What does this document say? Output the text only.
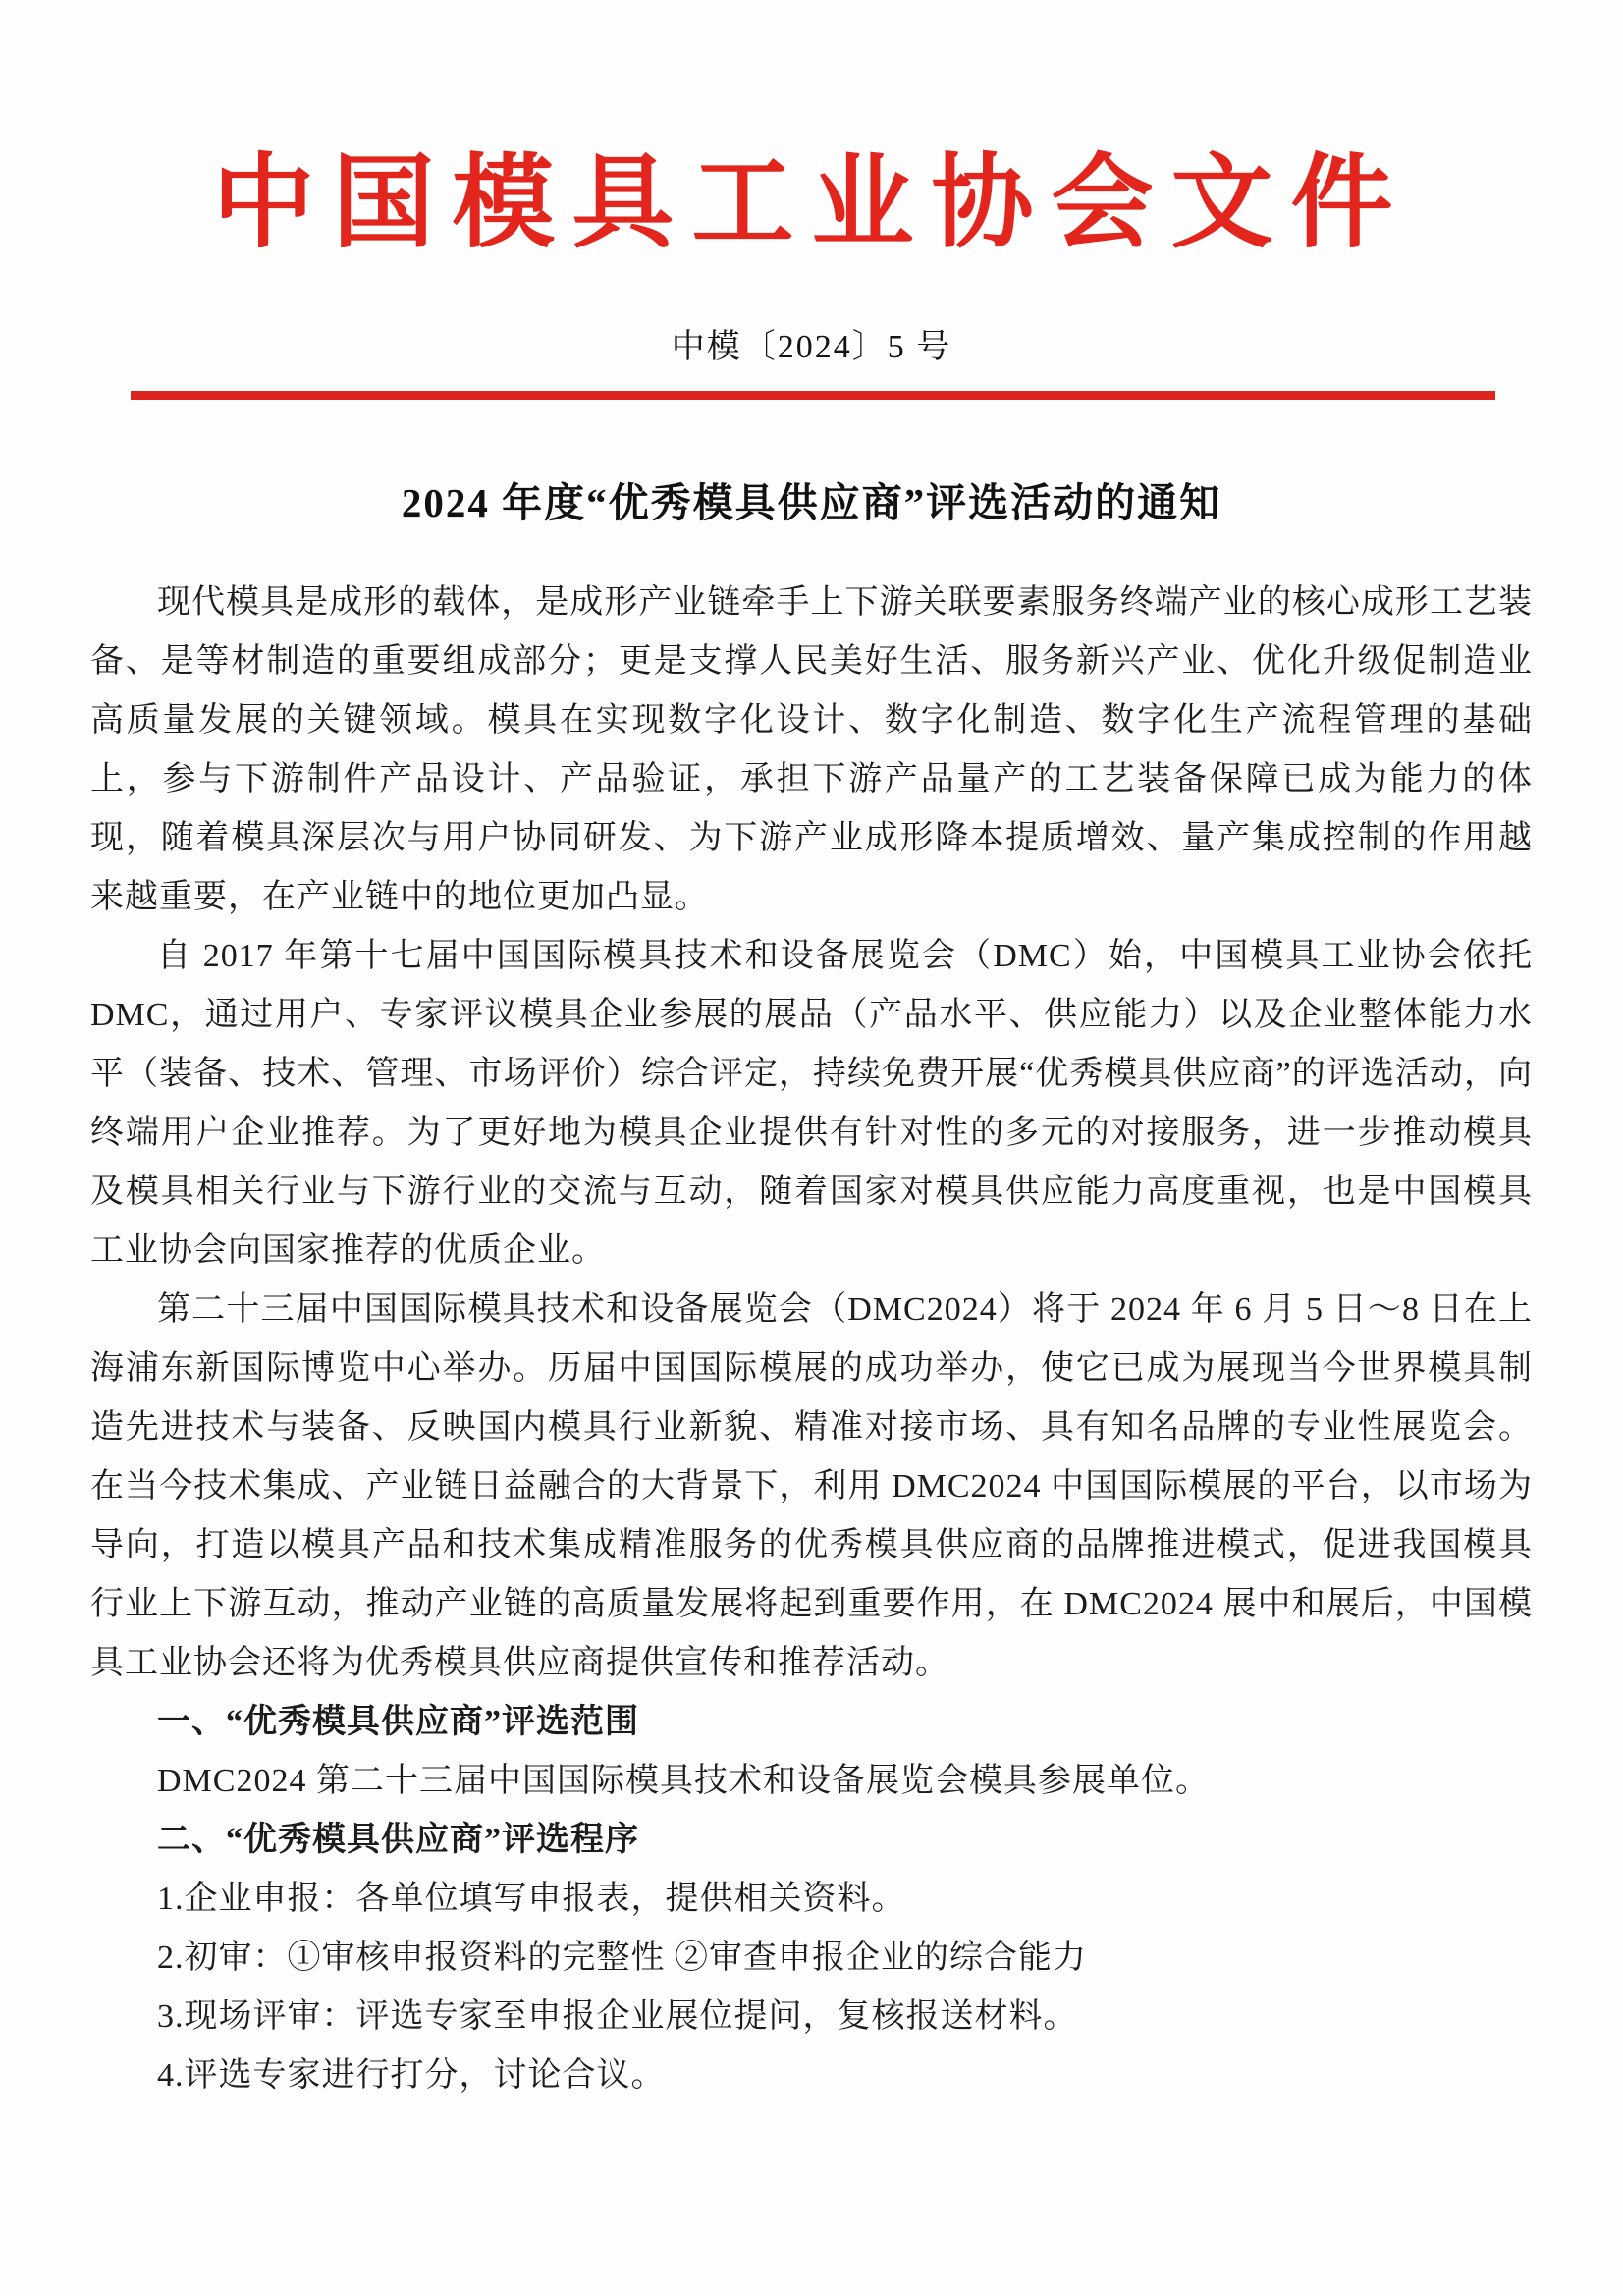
中国模具工业协会文件
中模〔2024〕5 号
2024 年度“优秀模具供应商”评选活动的通知

现代模具是成形的载体，是成形产业链牵手上下游关联要素服务终端产业的核心成形工艺装备、是等材制造的重要组成部分；更是支撑人民美好生活、服务新兴产业、优化升级促制造业高质量发展的关键领域。模具在实现数字化设计、数字化制造、数字化生产流程管理的基础上，参与下游制件产品设计、产品验证，承担下游产品量产的工艺装备保障已成为能力的体现，随着模具深层次与用户协同研发、为下游产业成形降本提质增效、量产集成控制的作用越来越重要，在产业链中的地位更加凸显。

自 2017 年第十七届中国国际模具技术和设备展览会（DMC）始，中国模具工业协会依托 DMC，通过用户、专家评议模具企业参展的展品（产品水平、供应能力）以及企业整体能力水平（装备、技术、管理、市场评价）综合评定，持续免费开展“优秀模具供应商”的评选活动，向终端用户企业推荐。为了更好地为模具企业提供有针对性的多元的对接服务，进一步推动模具及模具相关行业与下游行业的交流与互动，随着国家对模具供应能力高度重视，也是中国模具工业协会向国家推荐的优质企业。

第二十三届中国国际模具技术和设备展览会（DMC2024）将于 2024 年 6 月 5 日～8 日在上海浦东新国际博览中心举办。历届中国国际模展的成功举办，使它已成为展现当今世界模具制造先进技术与装备、反映国内模具行业新貌、精准对接市场、具有知名品牌的专业性展览会。在当今技术集成、产业链日益融合的大背景下，利用 DMC2024 中国国际模展的平台，以市场为导向，打造以模具产品和技术集成精准服务的优秀模具供应商的品牌推进模式，促进我国模具行业上下游互动，推动产业链的高质量发展将起到重要作用，在 DMC2024 展中和展后，中国模具工业协会还将为优秀模具供应商提供宣传和推荐活动。

一、“优秀模具供应商”评选范围

DMC2024 第二十三届中国国际模具技术和设备展览会模具参展单位。

二、“优秀模具供应商”评选程序

1.企业申报：各单位填写申报表，提供相关资料。

2.初审：①审核申报资料的完整性 ②审查申报企业的综合能力

3.现场评审：评选专家至申报企业展位提问，复核报送材料。

4.评选专家进行打分，讨论合议。
